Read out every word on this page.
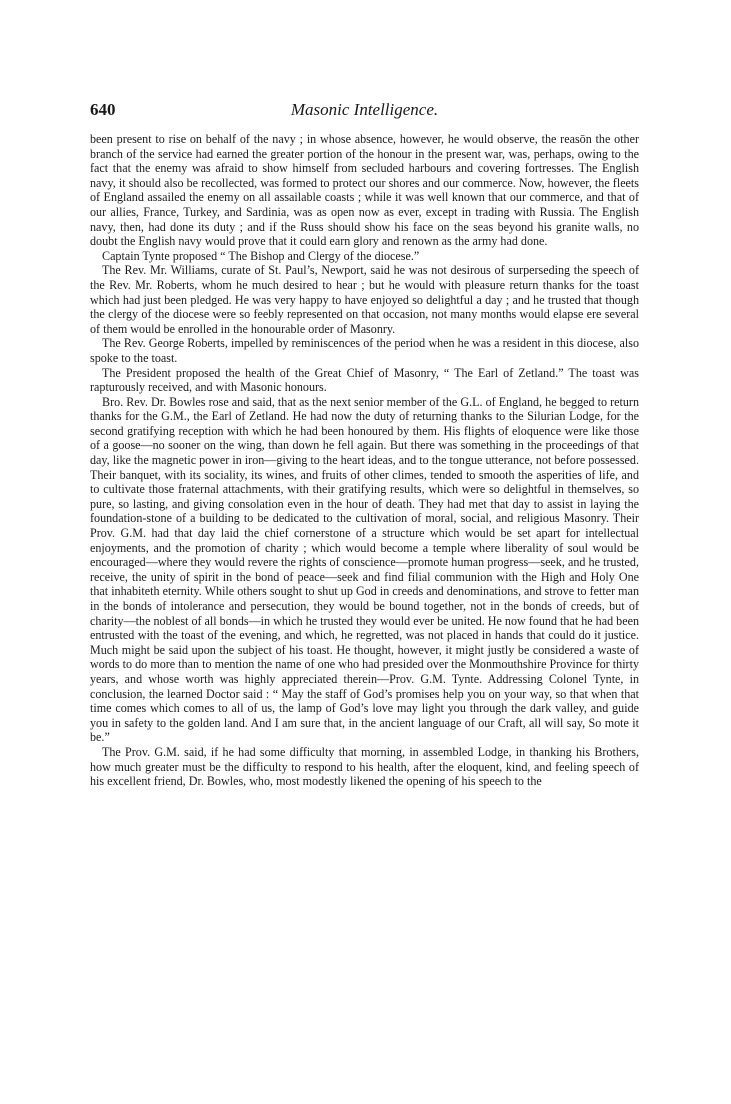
640	Masonic Intelligence.

been present to rise on behalf of the navy ; in whose absence, however, he would observe, the reasōn the other branch of the service had earned the greater portion of the honour in the present war, was, perhaps, owing to the fact that the enemy was afraid to show himself from secluded harbours and covering fortresses. The English navy, it should also be recollected, was formed to protect our shores and our commerce. Now, however, the fleets of England assailed the enemy on all assailable coasts ; while it was well known that our commerce, and that of our allies, France, Turkey, and Sardinia, was as open now as ever, except in trading with Russia. The English navy, then, had done its duty ; and if the Russ should show his face on the seas beyond his granite walls, no doubt the English navy would prove that it could earn glory and renown as the army had done.

Captain Tynte proposed “ The Bishop and Clergy of the diocese.”

The Rev. Mr. Williams, curate of St. Paul’s, Newport, said he was not desirous of surperseding the speech of the Rev. Mr. Roberts, whom he much desired to hear ; but he would with pleasure return thanks for the toast which had just been pledged. He was very happy to have enjoyed so delightful a day ; and he trusted that though the clergy of the diocese were so feebly represented on that occasion, not many months would elapse ere several of them would be enrolled in the honourable order of Masonry.

The Rev. George Roberts, impelled by reminiscences of the period when he was a resident in this diocese, also spoke to the toast.

The President proposed the health of the Great Chief of Masonry, “ The Earl of Zetland.” The toast was rapturously received, and with Masonic honours.

Bro. Rev. Dr. Bowles rose and said, that as the next senior member of the G.L. of England, he begged to return thanks for the G.M., the Earl of Zetland. He had now the duty of returning thanks to the Silurian Lodge, for the second gratifying reception with which he had been honoured by them. His flights of eloquence were like those of a goose—no sooner on the wing, than down he fell again. But there was something in the proceedings of that day, like the magnetic power in iron—giving to the heart ideas, and to the tongue utterance, not before possessed. Their banquet, with its sociality, its wines, and fruits of other climes, tended to smooth the asperities of life, and to cultivate those fraternal attachments, with their gratifying results, which were so delightful in themselves, so pure, so lasting, and giving consolation even in the hour of death. They had met that day to assist in laying the foundation-stone of a building to be dedicated to the cultivation of moral, social, and religious Masonry. Their Prov. G.M. had that day laid the chief cornerstone of a structure which would be set apart for intellectual enjoyments, and the promotion of charity ; which would become a temple where liberality of soul would be encouraged—where they would revere the rights of conscience—promote human progress—seek, and he trusted, receive, the unity of spirit in the bond of peace—seek and find filial communion with the High and Holy One that inhabiteth eternity. While others sought to shut up God in creeds and denominations, and strove to fetter man in the bonds of intolerance and persecution, they would be bound together, not in the bonds of creeds, but of charity—the noblest of all bonds—in which he trusted they would ever be united. He now found that he had been entrusted with the toast of the evening, and which, he regretted, was not placed in hands that could do it justice. Much might be said upon the subject of his toast. He thought, however, it might justly be considered a waste of words to do more than to mention the name of one who had presided over the Monmouthshire Province for thirty years, and whose worth was highly appreciated therein—Prov. G.M. Tynte. Addressing Colonel Tynte, in conclusion, the learned Doctor said : “ May the staff of God’s promises help you on your way, so that when that time comes which comes to all of us, the lamp of God’s love may light you through the dark valley, and guide you in safety to the golden land. And I am sure that, in the ancient language of our Craft, all will say, So mote it be.”

The Prov. G.M. said, if he had some difficulty that morning, in assembled Lodge, in thanking his Brothers, how much greater must be the difficulty to respond to his health, after the eloquent, kind, and feeling speech of his excellent friend, Dr. Bowles, who, most modestly likened the opening of his speech to the
